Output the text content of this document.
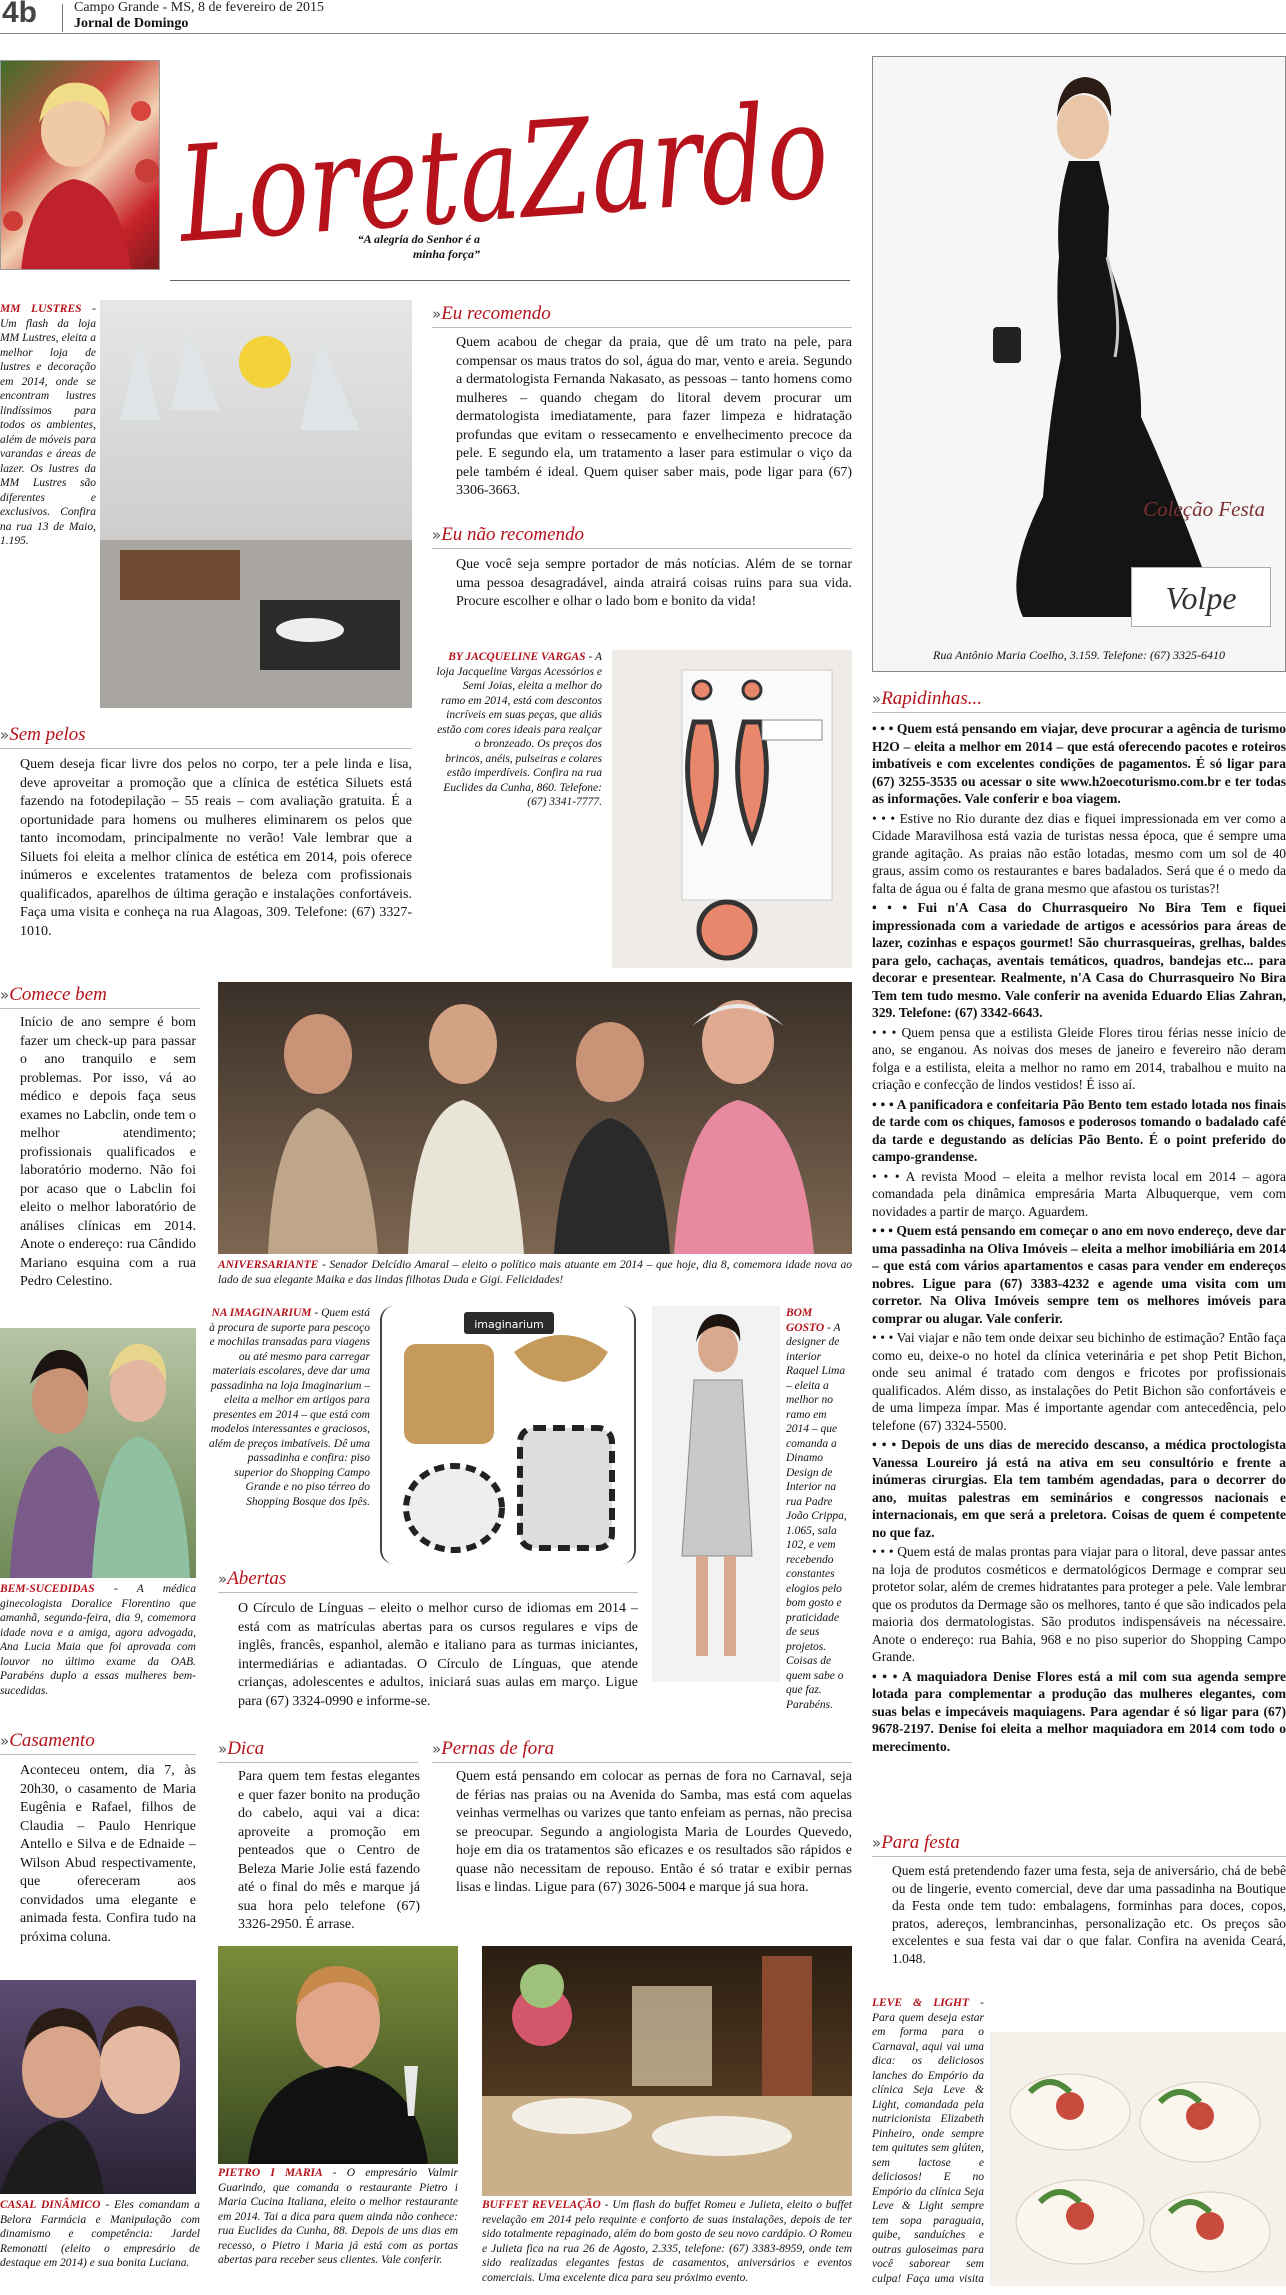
4b	Campo Grande - MS, 8 de fevereiro de 2015
Jornal de Domingo
LoretaZardo
“A alegria do Senhor é a
minha força”
Coleção Festa
Volpe
Rua Antônio Maria Coelho, 3.159. Telefone: (67) 3325-6410
MM LUSTRES - Um flash da loja MM Lustres, eleita a melhor loja de lustres e decoração em 2014, onde se encontram lustres lindíssimos para todos os ambientes, além de móveis para varandas e áreas de lazer. Os lustres da MM Lustres são diferentes e exclusivos. Confira na rua 13 de Maio, 1.195.
» Eu recomendo
Quem acabou de chegar da praia, que dê um trato na pele, para compensar os maus tratos do sol, água do mar, vento e areia. Segundo a dermatologista Fernanda Nakasato, as pessoas – tanto homens como mulheres – quando chegam do litoral devem procurar um dermatologista imediatamente, para fazer limpeza e hidratação profundas que evitam o ressecamento e envelhecimento precoce da pele. E segundo ela, um tratamento a laser para estimular o viço da pele também é ideal. Quem quiser saber mais, pode ligar para (67) 3306-3663.
» Eu não recomendo
Que você seja sempre portador de más notícias. Além de se tornar uma pessoa desagradável, ainda atrairá coisas ruins para sua vida. Procure escolher e olhar o lado bom e bonito da vida!
BY JACQUELINE VARGAS - A loja Jacqueline Vargas Acessórios e Semi Joias, eleita a melhor do ramo em 2014, está com descontos incríveis em suas peças, que aliás estão com cores ideais para realçar o bronzeado. Os preços dos brincos, anéis, pulseiras e colares estão imperdíveis. Confira na rua Euclides da Cunha, 860. Telefone: (67) 3341-7777.
» Sem pelos
Quem deseja ficar livre dos pelos no corpo, ter a pele linda e lisa, deve aproveitar a promoção que a clínica de estética Siluets está fazendo na fotodepilação – 55 reais – com avaliação gratuita. É a oportunidade para homens ou mulheres eliminarem os pelos que tanto incomodam, principalmente no verão! Vale lembrar que a Siluets foi eleita a melhor clínica de estética em 2014, pois oferece inúmeros e excelentes tratamentos de beleza com profissionais qualificados, aparelhos de última geração e instalações confortáveis. Faça uma visita e conheça na rua Alagoas, 309. Telefone: (67) 3327-1010.
» Comece bem
Início de ano sempre é bom fazer um check-up para passar o ano tranquilo e sem problemas. Por isso, vá ao médico e depois faça seus exames no Labclin, onde tem o melhor atendimento; profissionais qualificados e laboratório moderno. Não foi por acaso que o Labclin foi eleito o melhor laboratório de análises clínicas em 2014. Anote o endereço: rua Cândido Mariano esquina com a rua Pedro Celestino.
ANIVERSARIANTE - Senador Delcídio Amaral – eleito o político mais atuante em 2014 – que hoje, dia 8, comemora idade nova ao lado de sua elegante Maika e das lindas filhotas Duda e Gigi. Felicidades!
NA IMAGINARIUM - Quem está à procura de suporte para pescoço e mochilas transadas para viagens ou até mesmo para carregar materiais escolares, deve dar uma passadinha na loja Imaginarium –eleita a melhor em artigos para presentes em 2014 – que está com modelos interessantes e graciosos, além de preços imbatíveis. Dê uma passadinha e confira: piso superior do Shopping Campo Grande e no piso térreo do Shopping Bosque dos Ipês.
imaginarium
BOM GOSTO - A designer de interior Raquel Lima – eleita a melhor no ramo em 2014 – que comanda a Dinamo Design de Interior na rua Padre João Crippa, 1.065, sala 102, e vem recebendo constantes elogios pelo bom gosto e praticidade de seus projetos. Coisas de quem sabe o que faz. Parabéns.
BEM-SUCEDIDAS - A médica ginecologista Doralice Florentino que amanhã, segunda-feira, dia 9, comemora idade nova e a amiga, agora advogada, Ana Lucia Maia que foi aprovada com louvor no último exame da OAB. Parabéns duplo a essas mulheres bem-sucedidas.
» Abertas
O Círculo de Línguas – eleito o melhor curso de idiomas em 2014 – está com as matrículas abertas para os cursos regulares e vips de inglês, francês, espanhol, alemão e italiano para as turmas iniciantes, intermediárias e adiantadas. O Círculo de Línguas, que atende crianças, adolescentes e adultos, iniciará suas aulas em março. Ligue para (67) 3324-0990 e informe-se.
» Casamento
Aconteceu ontem, dia 7, às 20h30, o casamento de Maria Eugênia e Rafael, filhos de Claudia – Paulo Henrique Antello e Silva e de Ednaide – Wilson Abud respectivamente, que ofereceram aos convidados uma elegante e animada festa. Confira tudo na próxima coluna.
» Dica
Para quem tem festas elegantes e quer fazer bonito na produção do cabelo, aqui vai a dica: aproveite a promoção em penteados que o Centro de Beleza Marie Jolie está fazendo até o final do mês e marque já sua hora pelo telefone (67) 3326-2950. É arrase.
» Pernas de fora
Quem está pensando em colocar as pernas de fora no Carnaval, seja de férias nas praias ou na Avenida do Samba, mas está com aquelas veinhas vermelhas ou varizes que tanto enfeiam as pernas, não precisa se preocupar. Segundo a angiologista Maria de Lourdes Quevedo, hoje em dia os tratamentos são eficazes e os resultados são rápidos e quase não necessitam de repouso. Então é só tratar e exibir pernas lisas e lindas. Ligue para (67) 3026-5004 e marque já sua hora.
» Rapidinhas...
• • • Quem está pensando em viajar, deve procurar a agência de turismo H2O – eleita a melhor em 2014 – que está oferecendo pacotes e roteiros imbatíveis e com excelentes condições de pagamentos. É só ligar para (67) 3255-3535 ou acessar o site www.h2oecoturismo.com.br e ter todas as informações. Vale conferir e boa viagem.
• • • Estive no Rio durante dez dias e fiquei impressionada em ver como a Cidade Maravilhosa está vazia de turistas nessa época, que é sempre uma grande agitação. As praias não estão lotadas, mesmo com um sol de 40 graus, assim como os restaurantes e bares badalados. Será que é o medo da falta de água ou é falta de grana mesmo que afastou os turistas?!
• • • Fui n'A Casa do Churrasqueiro No Bira Tem e fiquei impressionada com a variedade de artigos e acessórios para áreas de lazer, cozinhas e espaços gourmet! São churrasqueiras, grelhas, baldes para gelo, cachaças, aventais temáticos, quadros, bandejas etc... para decorar e presentear. Realmente, n'A Casa do Churrasqueiro No Bira Tem tem tudo mesmo. Vale conferir na avenida Eduardo Elias Zahran, 329. Telefone: (67) 3342-6643.
• • • Quem pensa que a estilista Gleide Flores tirou férias nesse início de ano, se enganou. As noivas dos meses de janeiro e fevereiro não deram folga e a estilista, eleita a melhor no ramo em 2014, trabalhou e muito na criação e confecção de lindos vestidos! É isso aí.
• • • A panificadora e confeitaria Pão Bento tem estado lotada nos finais de tarde com os chiques, famosos e poderosos tomando o badalado café da tarde e degustando as delícias Pão Bento. É o point preferido do campo-grandense.
• • • A revista Mood – eleita a melhor revista local em 2014 – agora comandada pela dinâmica empresária Marta Albuquerque, vem com novidades a partir de março. Aguardem.
• • • Quem está pensando em começar o ano em novo endereço, deve dar uma passadinha na Oliva Imóveis – eleita a melhor imobiliária em 2014 – que está com vários apartamentos e casas para vender em endereços nobres. Ligue para (67) 3383-4232 e agende uma visita com um corretor. Na Oliva Imóveis sempre tem os melhores imóveis para comprar ou alugar. Vale conferir.
• • • Vai viajar e não tem onde deixar seu bichinho de estimação? Então faça como eu, deixe-o no hotel da clínica veterinária e pet shop Petit Bichon, onde seu animal é tratado com dengos e fricotes por profissionais qualificados. Além disso, as instalações do Petit Bichon são confortáveis e de uma limpeza ímpar. Mas é importante agendar com antecedência, pelo telefone (67) 3324-5500.
• • • Depois de uns dias de merecido descanso, a médica proctologista Vanessa Loureiro já está na ativa em seu consultório e frente a inúmeras cirurgias. Ela tem também agendadas, para o decorrer do ano, muitas palestras em seminários e congressos nacionais e internacionais, em que será a preletora. Coisas de quem é competente no que faz.
• • • Quem está de malas prontas para viajar para o litoral, deve passar antes na loja de produtos cosméticos e dermatológicos Dermage e comprar seu protetor solar, além de cremes hidratantes para proteger a pele. Vale lembrar que os produtos da Dermage são os melhores, tanto é que são indicados pela maioria dos dermatologistas. São produtos indispensáveis na nécessaire. Anote o endereço: rua Bahia, 968 e no piso superior do Shopping Campo Grande.
• • • A maquiadora Denise Flores está a mil com sua agenda sempre lotada para complementar a produção das mulheres elegantes, com suas belas e impecáveis maquiagens. Para agendar é só ligar para (67) 9678-2197. Denise foi eleita a melhor maquiadora em 2014 com todo o merecimento.
» Para festa
Quem está pretendendo fazer uma festa, seja de aniversário, chá de bebê ou de lingerie, evento comercial, deve dar uma passadinha na Boutique da Festa onde tem tudo: embalagens, forminhas para doces, copos, pratos, adereços, lembrancinhas, personalização etc. Os preços são excelentes e sua festa vai dar o que falar. Confira na avenida Ceará, 1.048.
LEVE & LIGHT - Para quem deseja estar em forma para o Carnaval, aqui vai uma dica: os deliciosos lanches do Empório da clínica Seja Leve & Light, comandada pela nutricionista Elizabeth Pinheiro, onde sempre tem quitutes sem glúten, sem lactose e deliciosos! E no Empório da clínica Seja Leve & Light sempre tem sopa paraguaia, quibe, sanduíches e outras guloseimas para você saborear sem culpa! Faça uma visita
CASAL DINÂMICO - Eles comandam a Belora Farmácia e Manipulação com dinamismo e competência: Jardel Remonatti (eleito o empresário de destaque em 2014) e sua bonita Luciana.
PIETRO I MARIA - O empresário Valmir Guarindo, que comanda o restaurante Pietro i Maria Cucina Italiana, eleito o melhor restaurante em 2014. Tai a dica para quem ainda não conhece: rua Euclides da Cunha, 88. Depois de uns dias em recesso, o Pietro i Maria já está com as portas abertas para receber seus clientes. Vale conferir.
BUFFET REVELAÇÃO - Um flash do buffet Romeu e Julieta, eleito o buffet revelação em 2014 pelo requinte e conforto de suas instalações, depois de ter sido totalmente repaginado, além do bom gosto de seu novo cardápio. O Romeu e Julieta fica na rua 26 de Agosto, 2.335, telefone: (67) 3383-8959, onde tem sido realizadas elegantes festas de casamentos, aniversários e eventos comerciais. Uma excelente dica para seu próximo evento.
